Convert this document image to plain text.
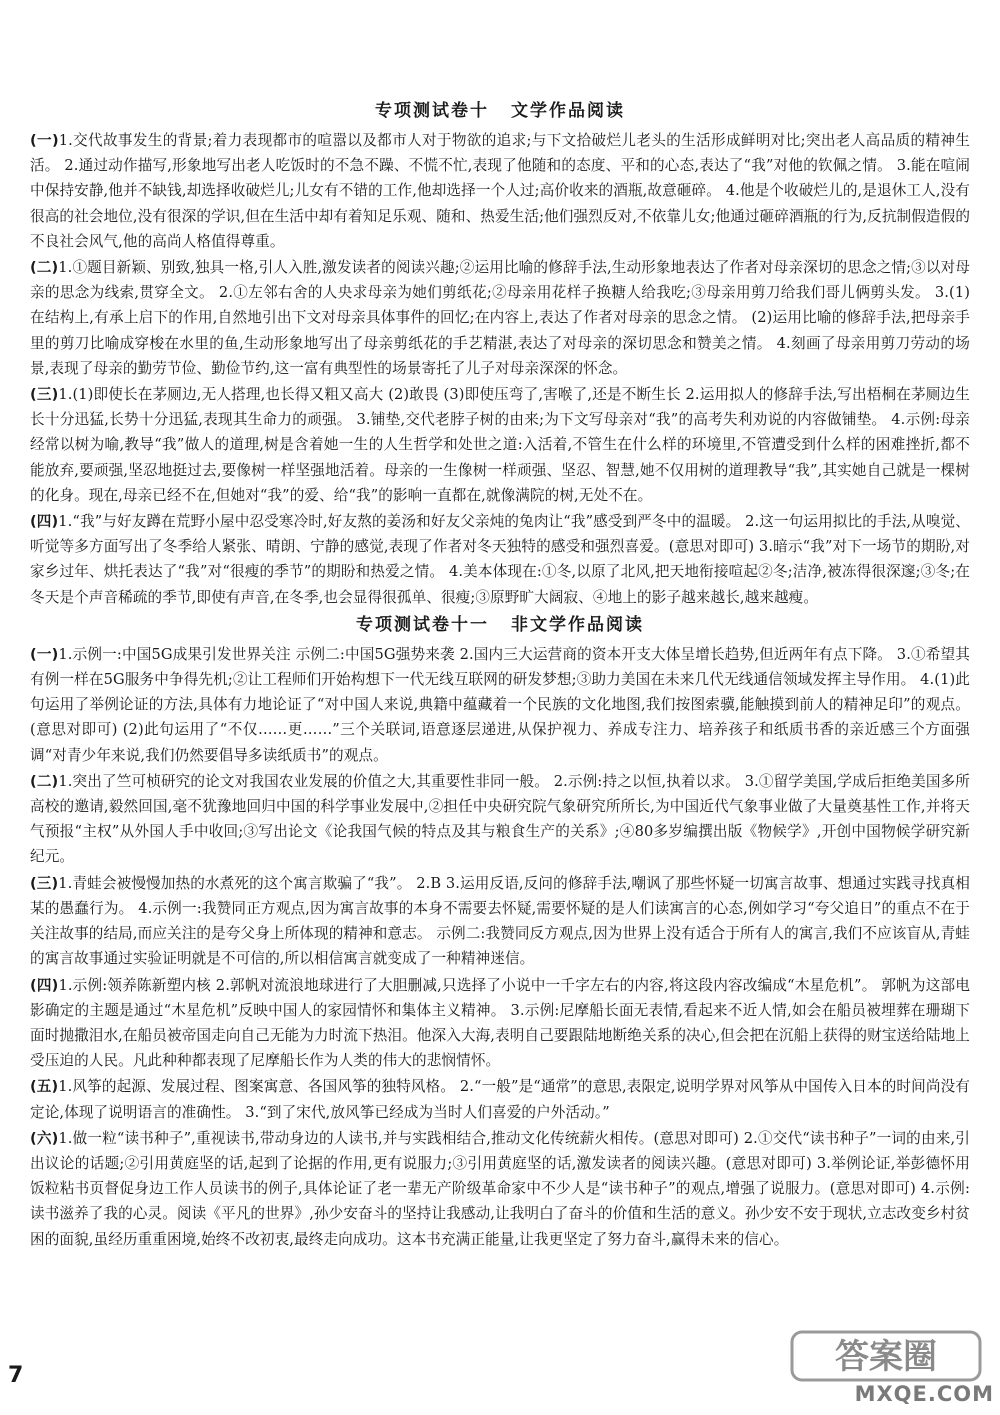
专项测试卷十 文学作品阅读

(一)1.交代故事发生的背景;着力表现都市的喧嚣以及都市人对于物欲的追求;与下文拾破烂儿老头的生活形成鲜明对比;突出老人高品质的精神生活。 2.通过动作描写,形象地写出老人吃饭时的不急不躁、不慌不忙,表现了他随和的态度、平和的心态,表达了“我”对他的钦佩之情。 3.能在喧闹中保持安静,他并不缺钱,却选择收破烂儿;儿女有不错的工作,他却选择一个人过;高价收来的酒瓶,故意砸碎。 4.他是个收破烂儿的,是退休工人,没有很高的社会地位,没有很深的学识,但在生活中却有着知足乐观、随和、热爱生活;他们强烈反对,不依靠儿女;他通过砸碎酒瓶的行为,反抗制假造假的不良社会风气,他的高尚人格值得尊重。

(二)1.①题目新颖、别致,独具一格,引人入胜,激发读者的阅读兴趣;②运用比喻的修辞手法,生动形象地表达了作者对母亲深切的思念之情;③以对母亲的思念为线索,贯穿全文。 2.①左邻右舍的人央求母亲为她们剪纸花;②母亲用花样子换糖人给我吃;③母亲用剪刀给我们哥儿俩剪头发。 3.(1)在结构上,有承上启下的作用,自然地引出下文对母亲具体事件的回忆;在内容上,表达了作者对母亲的思念之情。 (2)运用比喻的修辞手法,把母亲手里的剪刀比喻成穿梭在水里的鱼,生动形象地写出了母亲剪纸花的手艺精湛,表达了对母亲的深切思念和赞美之情。 4.刻画了母亲用剪刀劳动的场景,表现了母亲的勤劳节俭、勤俭节约,这一富有典型性的场景寄托了儿子对母亲深深的怀念。

(三)1.(1)即使长在茅厕边,无人搭理,也长得又粗又高大 (2)敢畏 (3)即使压弯了,害喉了,还是不断生长 2.运用拟人的修辞手法,写出梧桐在茅厕边生长十分迅猛,长势十分迅猛,表现其生命力的顽强。 3.铺垫,交代老脖子树的由来;为下文写母亲对“我”的高考失利劝说的内容做铺垫。 4.示例:母亲经常以树为喻,教导“我”做人的道理,树是含着她一生的人生哲学和处世之道:入活着,不管生在什么样的环境里,不管遭受到什么样的困难挫折,都不能放弃,要顽强,坚忍地挺过去,要像树一样坚强地活着。母亲的一生像树一样顽强、坚忍、智慧,她不仅用树的道理教导“我”,其实她自己就是一棵树的化身。现在,母亲已经不在,但她对“我”的爱、给“我”的影响一直都在,就像满院的树,无处不在。

(四)1.“我”与好友蹲在荒野小屋中忍受寒冷时,好友熬的姜汤和好友父亲炖的兔肉让“我”感受到严冬中的温暖。 2.这一句运用拟比的手法,从嗅觉、听觉等多方面写出了冬季给人紧张、晴朗、宁静的感觉,表现了作者对冬天独特的感受和强烈喜爱。(意思对即可) 3.暗示“我”对下一场节的期盼,对家乡过年、烘托表达了“我”对“很瘦的季节”的期盼和热爱之情。 4.美本体现在:①冬,以原了北风,把天地衔接喧起②冬;洁净,被冻得很深邃;③冬;在冬天是个声音稀疏的季节,即使有声音,在冬季,也会显得很孤单、很瘦;③原野旷大阔寂、④地上的影子越来越长,越来越瘦。

专项测试卷十一 非文学作品阅读

(一)1.示例一:中国5G成果引发世界关注 示例二:中国5G强势来袭 2.国内三大运营商的资本开支大体呈增长趋势,但近两年有点下降。 3.①希望其有例一样在5G服务中争得先机;②让工程师们开始构想下一代无线互联网的研发梦想;③助力美国在未来几代无线通信领域发挥主导作用。 4.(1)此句运用了举例论证的方法,具体有力地论证了“对中国人来说,典籍中蕴藏着一个民族的文化地图,我们按图索骥,能触摸到前人的精神足印”的观点。(意思对即可) (2)此句运用了“不仅……更……”三个关联词,语意逐层递进,从保护视力、养成专注力、培养孩子和纸质书香的亲近感三个方面强调“对青少年来说,我们仍然要倡导多读纸质书”的观点。

(二)1.突出了竺可桢研究的论文对我国农业发展的价值之大,其重要性非同一般。 2.示例:持之以恒,执着以求。 3.①留学美国,学成后拒绝美国多所高校的邀请,毅然回国,毫不犹豫地回归中国的科学事业发展中,②担任中央研究院气象研究所所长,为中国近代气象事业做了大量奠基性工作,并将天气预报“主权”从外国人手中收回;③写出论文《论我国气候的特点及其与粮食生产的关系》;④80多岁编撰出版《物候学》,开创中国物候学研究新纪元。

(三)1.青蛙会被慢慢加热的水煮死的这个寓言欺骗了“我”。 2.B 3.运用反语,反问的修辞手法,嘲讽了那些怀疑一切寓言故事、想通过实践寻找真相某的愚蠢行为。 4.示例一:我赞同正方观点,因为寓言故事的本身不需要去怀疑,需要怀疑的是人们读寓言的心态,例如学习“夸父追日”的重点不在于关注故事的结局,而应关注的是夸父身上所体现的精神和意志。 示例二:我赞同反方观点,因为世界上没有适合于所有人的寓言,我们不应该盲从,青蛙的寓言故事通过实验证明就是不可信的,所以相信寓言就变成了一种精神迷信。

(四)1.示例:领养陈新塑内核 2.郭帆对流浪地球进行了大胆删减,只选择了小说中一千字左右的内容,将这段内容改编成“木星危机”。 郭帆为这部电影确定的主题是通过“木星危机”反映中国人的家园情怀和集体主义精神。 3.示例:尼摩船长面无表情,看起来不近人情,如会在船员被埋葬在珊瑚下面时抛撒泪水,在船员被帝国走向自己无能为力时流下热泪。他深入大海,表明自己要跟陆地断绝关系的决心,但会把在沉船上获得的财宝送给陆地上受压迫的人民。凡此种种都表现了尼摩船长作为人类的伟大的悲悯情怀。

(五)1.风筝的起源、发展过程、图案寓意、各国风筝的独特风格。 2.“一般”是“通常”的意思,表限定,说明学界对风筝从中国传入日本的时间尚没有定论,体现了说明语言的准确性。 3.“到了宋代,放风筝已经成为当时人们喜爱的户外活动。”

(六)1.做一粒“读书种子”,重视读书,带动身边的人读书,并与实践相结合,推动文化传统薪火相传。(意思对即可) 2.①交代“读书种子”一词的由来,引出议论的话题;②引用黄庭坚的话,起到了论据的作用,更有说服力;③引用黄庭坚的话,激发读者的阅读兴趣。(意思对即可) 3.举例论证,举彭德怀用饭粒粘书页督促身边工作人员读书的例子,具体论证了老一辈无产阶级革命家中不少人是“读书种子”的观点,增强了说服力。(意思对即可) 4.示例:读书滋养了我的心灵。阅读《平凡的世界》,孙少安奋斗的坚持让我感动,让我明白了奋斗的价值和生活的意义。孙少安不安于现状,立志改变乡村贫困的面貌,虽经历重重困境,始终不改初衷,最终走向成功。这本书充满正能量,让我更坚定了努力奋斗,赢得未来的信心。

7	答案圈
MXQE.COM
